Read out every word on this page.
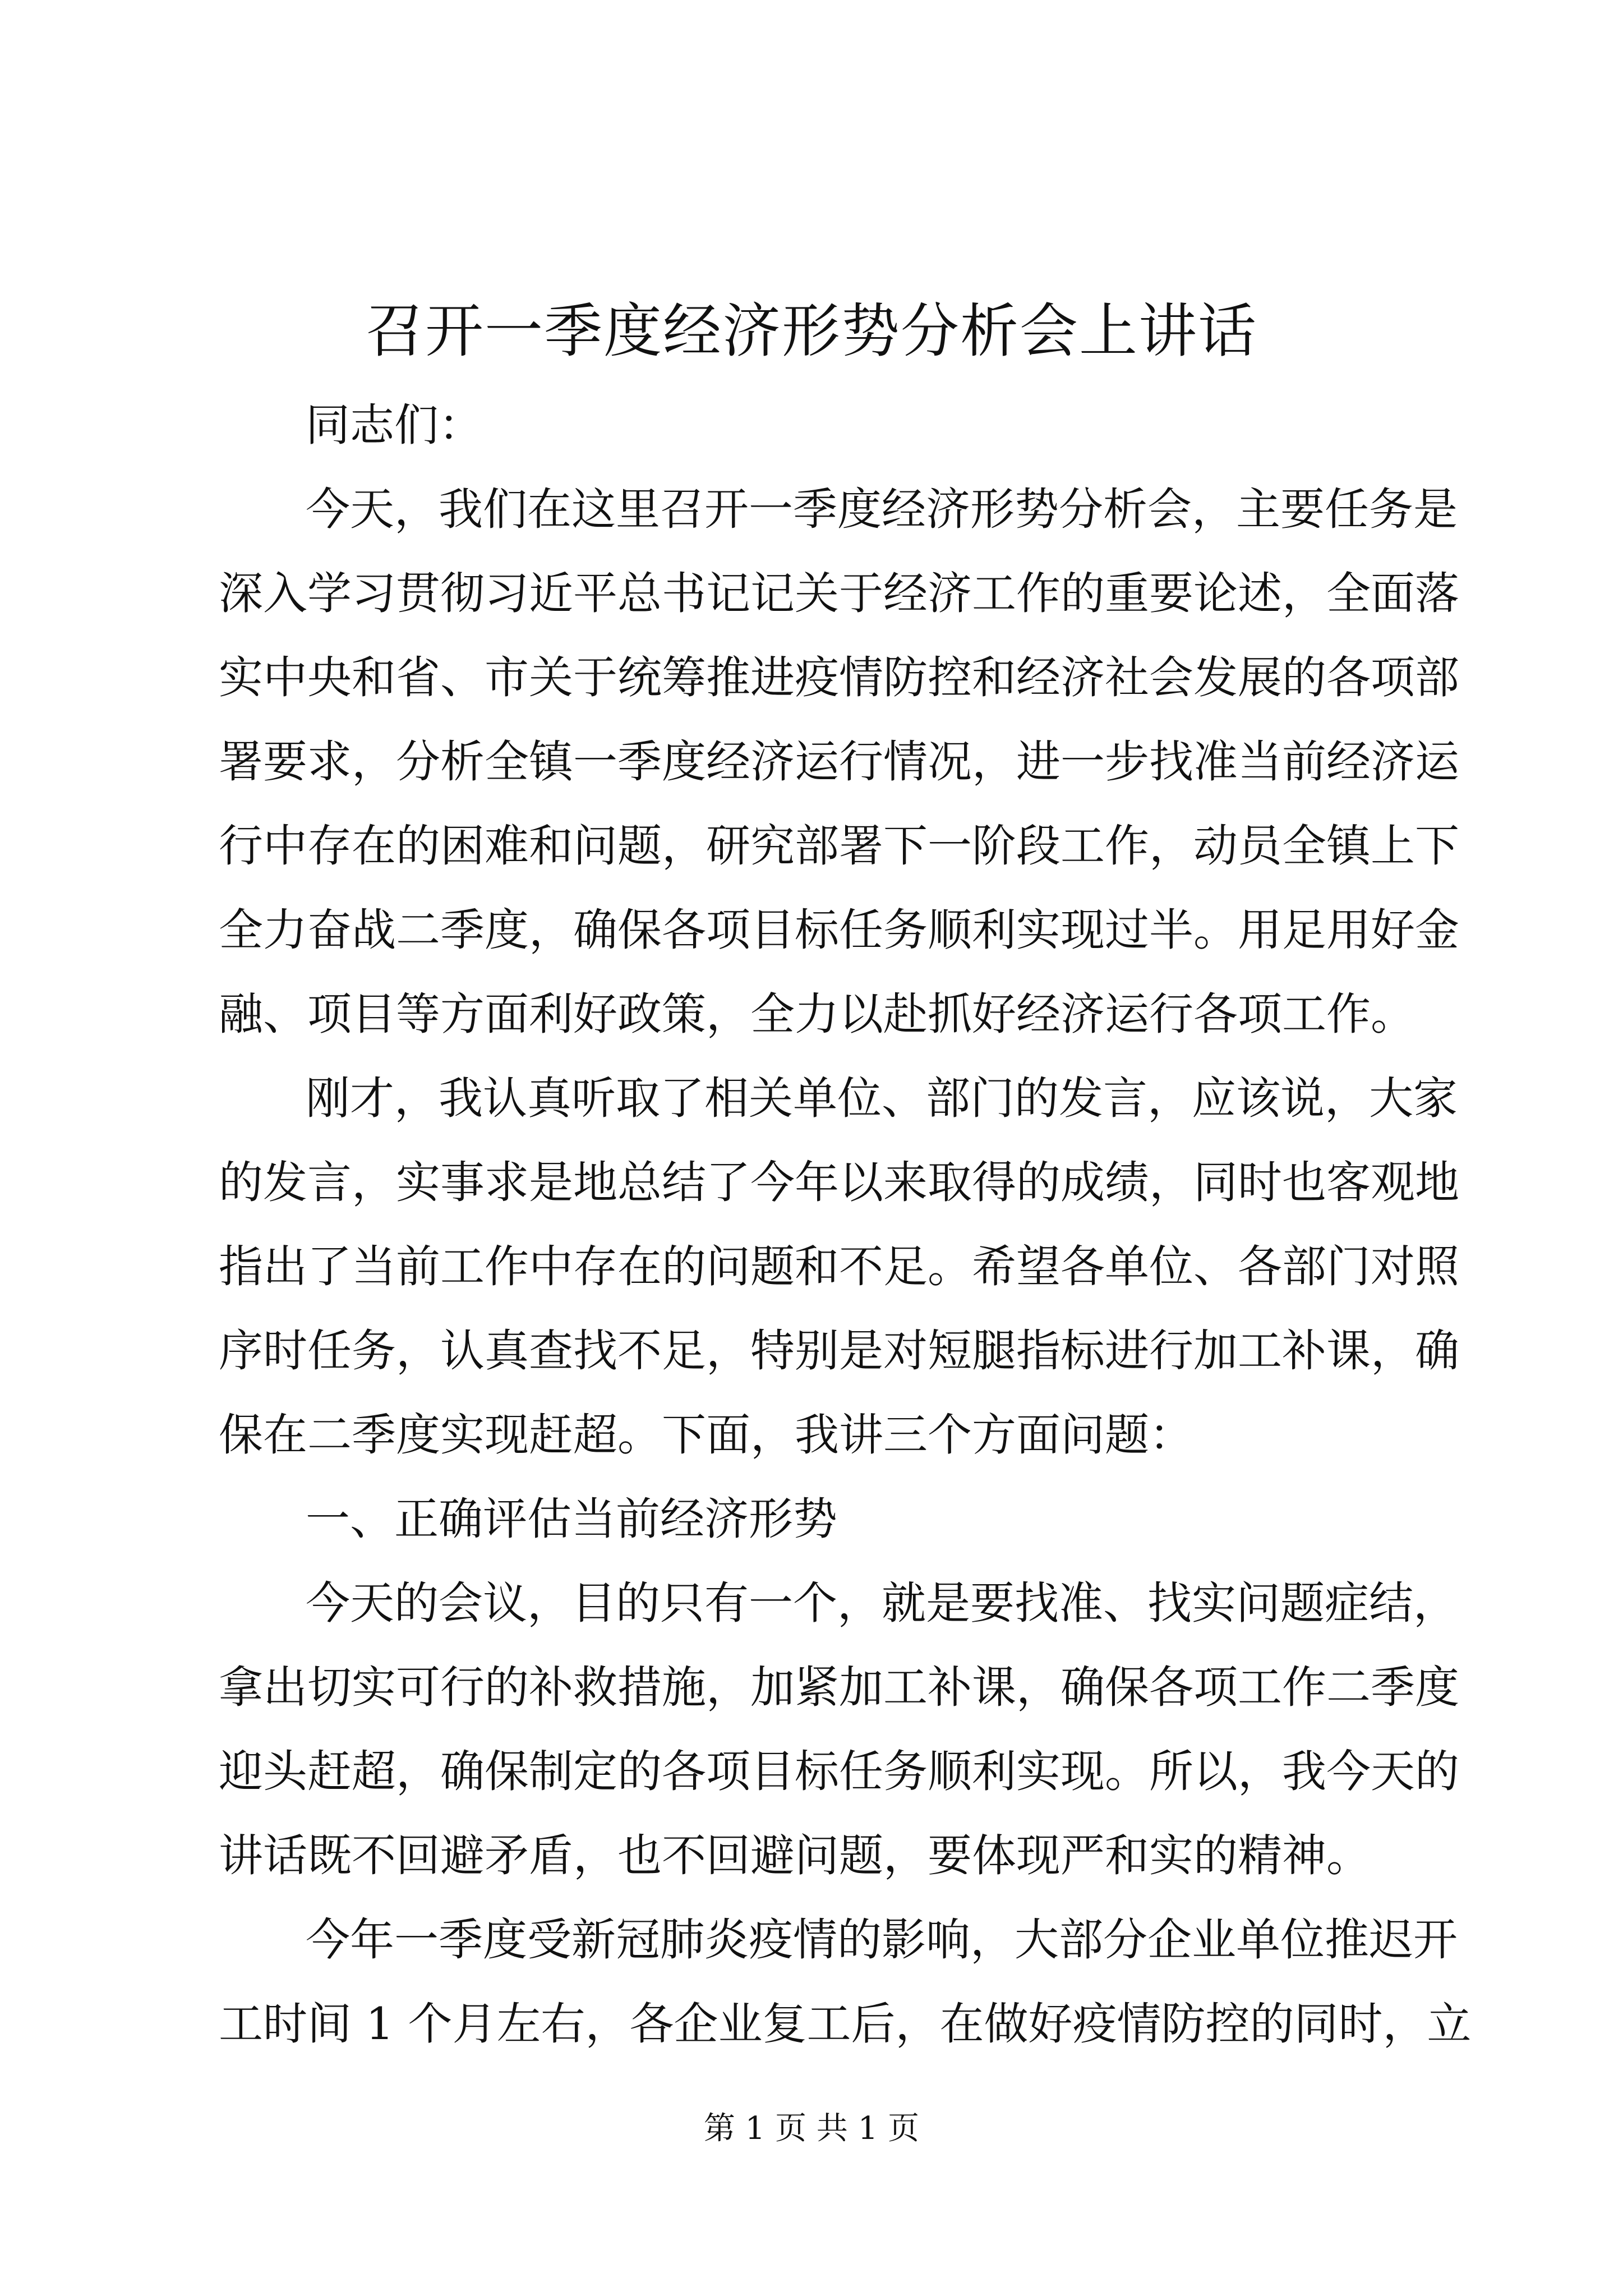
召开一季度经济形势分析会上讲话
同志们：
今天，我们在这里召开一季度经济形势分析会，主要任务是
深入学习贯彻习近平总书记记关于经济工作的重要论述，全面落
实中央和省、市关于统筹推进疫情防控和经济社会发展的各项部
署要求，分析全镇一季度经济运行情况，进一步找准当前经济运
行中存在的困难和问题，研究部署下一阶段工作，动员全镇上下
全力奋战二季度，确保各项目标任务顺利实现过半。用足用好金
融、项目等方面利好政策，全力以赴抓好经济运行各项工作。
刚才，我认真听取了相关单位、部门的发言，应该说，大家
的发言，实事求是地总结了今年以来取得的成绩，同时也客观地
指出了当前工作中存在的问题和不足。希望各单位、各部门对照
序时任务，认真查找不足，特别是对短腿指标进行加工补课，确
保在二季度实现赶超。下面，我讲三个方面问题：
一、正确评估当前经济形势
今天的会议，目的只有一个，就是要找准、找实问题症结，
拿出切实可行的补救措施，加紧加工补课，确保各项工作二季度
迎头赶超，确保制定的各项目标任务顺利实现。所以，我今天的
讲话既不回避矛盾，也不回避问题，要体现严和实的精神。
今年一季度受新冠肺炎疫情的影响，大部分企业单位推迟开
工时间 1 个月左右，各企业复工后，在做好疫情防控的同时，立
第 1 页 共 1 页
